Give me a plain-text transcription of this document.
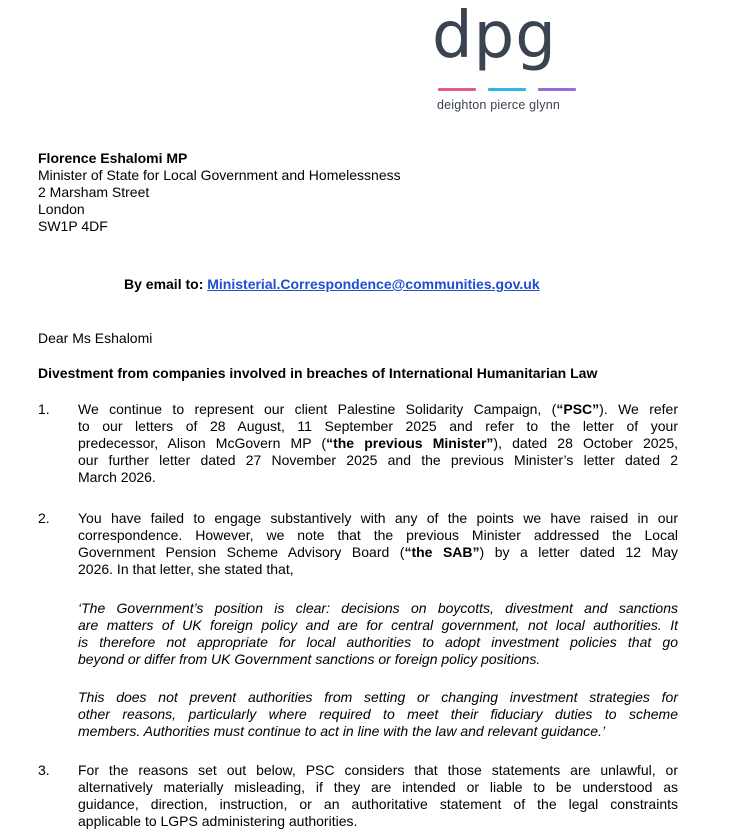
dpg
deighton pierce glynn
Florence Eshalomi MP
Minister of State for Local Government and Homelessness
2 Marsham Street
London
SW1P 4DF
By email to: Ministerial.Correspondence@communities.gov.uk
Dear Ms Eshalomi
Divestment from companies involved in breaches of International Humanitarian Law
1.	We continue to represent our client Palestine Solidarity Campaign, (“PSC”). We refer
to our letters of 28 August, 11 September 2025 and refer to the letter of your
predecessor, Alison McGovern MP (“the previous Minister”), dated 28 October 2025,
our further letter dated 27 November 2025 and the previous Minister’s letter dated 2
March 2026.
2.	You have failed to engage substantively with any of the points we have raised in our
correspondence. However, we note that the previous Minister addressed the Local
Government Pension Scheme Advisory Board (“the SAB”) by a letter dated 12 May
2026. In that letter, she stated that,
‘The Government’s position is clear: decisions on boycotts, divestment and sanctions
are matters of UK foreign policy and are for central government, not local authorities. It
is therefore not appropriate for local authorities to adopt investment policies that go
beyond or differ from UK Government sanctions or foreign policy positions.
This does not prevent authorities from setting or changing investment strategies for
other reasons, particularly where required to meet their fiduciary duties to scheme
members. Authorities must continue to act in line with the law and relevant guidance.’
3.	For the reasons set out below, PSC considers that those statements are unlawful, or
alternatively materially misleading, if they are intended or liable to be understood as
guidance, direction, instruction, or an authoritative statement of the legal constraints
applicable to LGPS administering authorities.
